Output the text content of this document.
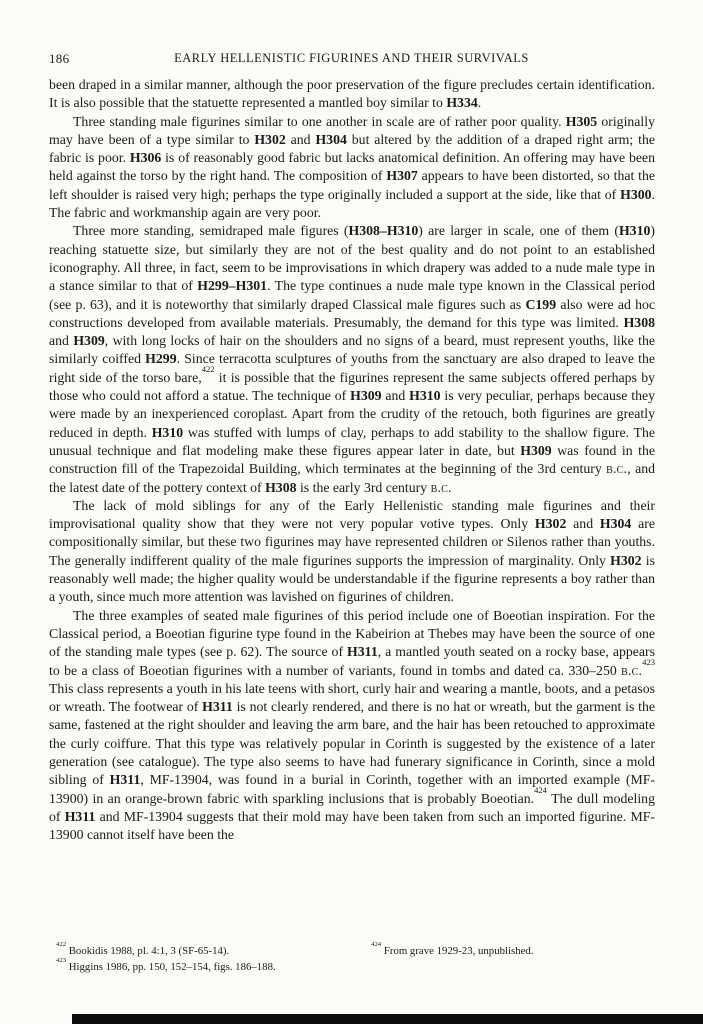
186	EARLY HELLENISTIC FIGURINES AND THEIR SURVIVALS

been draped in a similar manner, although the poor preservation of the figure precludes certain identification. It is also possible that the statuette represented a mantled boy similar to H334.

Three standing male figurines similar to one another in scale are of rather poor quality. H305 originally may have been of a type similar to H302 and H304 but altered by the addition of a draped right arm; the fabric is poor. H306 is of reasonably good fabric but lacks anatomical definition. An offering may have been held against the torso by the right hand. The composition of H307 appears to have been distorted, so that the left shoulder is raised very high; perhaps the type originally included a support at the side, like that of H300. The fabric and workmanship again are very poor.

Three more standing, semidraped male figures (H308–H310) are larger in scale, one of them (H310) reaching statuette size, but similarly they are not of the best quality and do not point to an established iconography. All three, in fact, seem to be improvisations in which drapery was added to a nude male type in a stance similar to that of H299–H301. The type continues a nude male type known in the Classical period (see p. 63), and it is noteworthy that similarly draped Classical male figures such as C199 also were ad hoc constructions developed from available materials. Presumably, the demand for this type was limited. H308 and H309, with long locks of hair on the shoulders and no signs of a beard, must represent youths, like the similarly coiffed H299. Since terracotta sculptures of youths from the sanctuary are also draped to leave the right side of the torso bare,$^{422}$ it is possible that the figurines represent the same subjects offered perhaps by those who could not afford a statue. The technique of H309 and H310 is very peculiar, perhaps because they were made by an inexperienced coroplast. Apart from the crudity of the retouch, both figurines are greatly reduced in depth. H310 was stuffed with lumps of clay, perhaps to add stability to the shallow figure. The unusual technique and flat modeling make these figures appear later in date, but H309 was found in the construction fill of the Trapezoidal Building, which terminates at the beginning of the 3rd century b.c., and the latest date of the pottery context of H308 is the early 3rd century b.c.

The lack of mold siblings for any of the Early Hellenistic standing male figurines and their improvisational quality show that they were not very popular votive types. Only H302 and H304 are compositionally similar, but these two figurines may have represented children or Silenos rather than youths. The generally indifferent quality of the male figurines supports the impression of marginality. Only H302 is reasonably well made; the higher quality would be understandable if the figurine represents a boy rather than a youth, since much more attention was lavished on figurines of children.

The three examples of seated male figurines of this period include one of Boeotian inspiration. For the Classical period, a Boeotian figurine type found in the Kabeirion at Thebes may have been the source of one of the standing male types (see p. 62). The source of H311, a mantled youth seated on a rocky base, appears to be a class of Boeotian figurines with a number of variants, found in tombs and dated ca. 330–250 b.c.$^{423}$ This class represents a youth in his late teens with short, curly hair and wearing a mantle, boots, and a petasos or wreath. The footwear of H311 is not clearly rendered, and there is no hat or wreath, but the garment is the same, fastened at the right shoulder and leaving the arm bare, and the hair has been retouched to approximate the curly coiffure. That this type was relatively popular in Corinth is suggested by the existence of a later generation (see catalogue). The type also seems to have had funerary significance in Corinth, since a mold sibling of H311, MF-13904, was found in a burial in Corinth, together with an imported example (MF-13900) in an orange-brown fabric with sparkling inclusions that is probably Boeotian.$^{424}$ The dull modeling of H311 and MF-13904 suggests that their mold may have been taken from such an imported figurine. MF-13900 cannot itself have been the

$^{422}$ Bookidis 1988, pl. 4:1, 3 (SF-65-14).

$^{423}$ Higgins 1986, pp. 150, 152–154, figs. 186–188.

$^{424}$ From grave 1929-23, unpublished.
